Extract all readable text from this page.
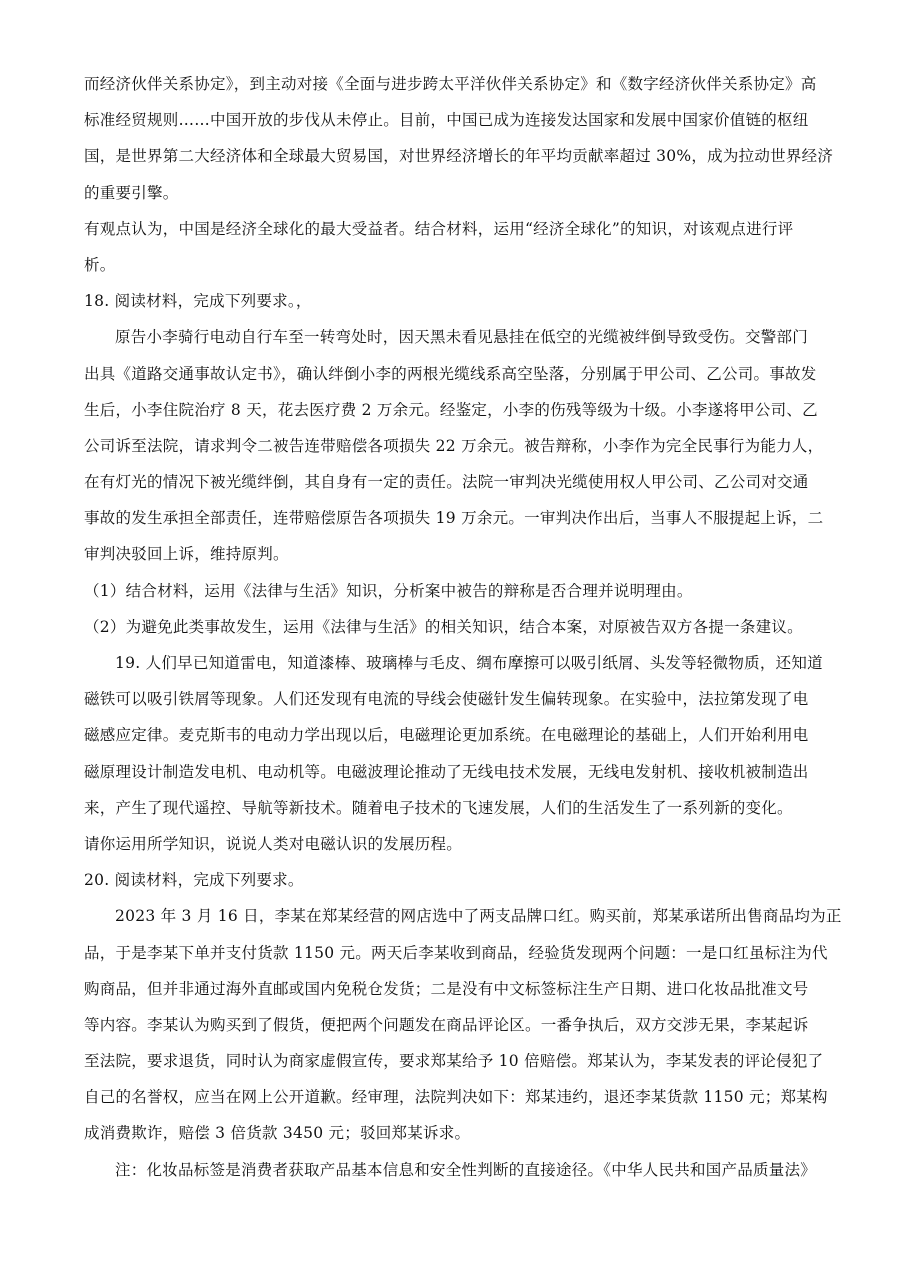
而经济伙伴关系协定》，到主动对接《全面与进步跨太平洋伙伴关系协定》和《数字经济伙伴关系协定》高
标准经贸规则……中国开放的步伐从未停止。目前，中国已成为连接发达国家和发展中国家价值链的枢纽
国，是世界第二大经济体和全球最大贸易国，对世界经济增长的年平均贡献率超过 30%，成为拉动世界经济
的重要引擎。
有观点认为，中国是经济全球化的最大受益者。结合材料，运用“经济全球化”的知识，对该观点进行评
析。
18. 阅读材料，完成下列要求。，
原告小李骑行电动自行车至一转弯处时，因天黑未看见悬挂在低空的光缆被绊倒导致受伤。交警部门
出具《道路交通事故认定书》，确认绊倒小李的两根光缆线系高空坠落，分别属于甲公司、乙公司。事故发
生后，小李住院治疗 8 天，花去医疗费 2 万余元。经鉴定，小李的伤残等级为十级。小李遂将甲公司、乙
公司诉至法院，请求判令二被告连带赔偿各项损失 22 万余元。被告辩称，小李作为完全民事行为能力人，
在有灯光的情况下被光缆绊倒，其自身有一定的责任。法院一审判决光缆使用权人甲公司、乙公司对交通
事故的发生承担全部责任，连带赔偿原告各项损失 19 万余元。一审判决作出后，当事人不服提起上诉，二
审判决驳回上诉，维持原判。
（1）结合材料，运用《法律与生活》知识，分析案中被告的辩称是否合理并说明理由。
（2）为避免此类事故发生，运用《法律与生活》的相关知识，结合本案，对原被告双方各提一条建议。
19. 人们早已知道雷电，知道漆棒、玻璃棒与毛皮、绸布摩擦可以吸引纸屑、头发等轻微物质，还知道
磁铁可以吸引铁屑等现象。人们还发现有电流的导线会使磁针发生偏转现象。在实验中，法拉第发现了电
磁感应定律。麦克斯韦的电动力学出现以后，电磁理论更加系统。在电磁理论的基础上，人们开始利用电
磁原理设计制造发电机、电动机等。电磁波理论推动了无线电技术发展，无线电发射机、接收机被制造出
来，产生了现代遥控、导航等新技术。随着电子技术的飞速发展，人们的生活发生了一系列新的变化。
请你运用所学知识，说说人类对电磁认识的发展历程。
20. 阅读材料，完成下列要求。
2023 年 3 月 16 日，李某在郑某经营的网店选中了两支品牌口红。购买前，郑某承诺所出售商品均为正
品，于是李某下单并支付货款 1150 元。两天后李某收到商品，经验货发现两个问题：一是口红虽标注为代
购商品，但并非通过海外直邮或国内免税仓发货；二是没有中文标签标注生产日期、进口化妆品批准文号
等内容。李某认为购买到了假货，便把两个问题发在商品评论区。一番争执后，双方交涉无果，李某起诉
至法院，要求退货，同时认为商家虚假宣传，要求郑某给予 10 倍赔偿。郑某认为，李某发表的评论侵犯了
自己的名誉权，应当在网上公开道歉。经审理，法院判决如下：郑某违约，退还李某货款 1150 元；郑某构
成消费欺诈，赔偿 3 倍货款 3450 元；驳回郑某诉求。
注：化妆品标签是消费者获取产品基本信息和安全性判断的直接途径。《中华人民共和国产品质量法》
